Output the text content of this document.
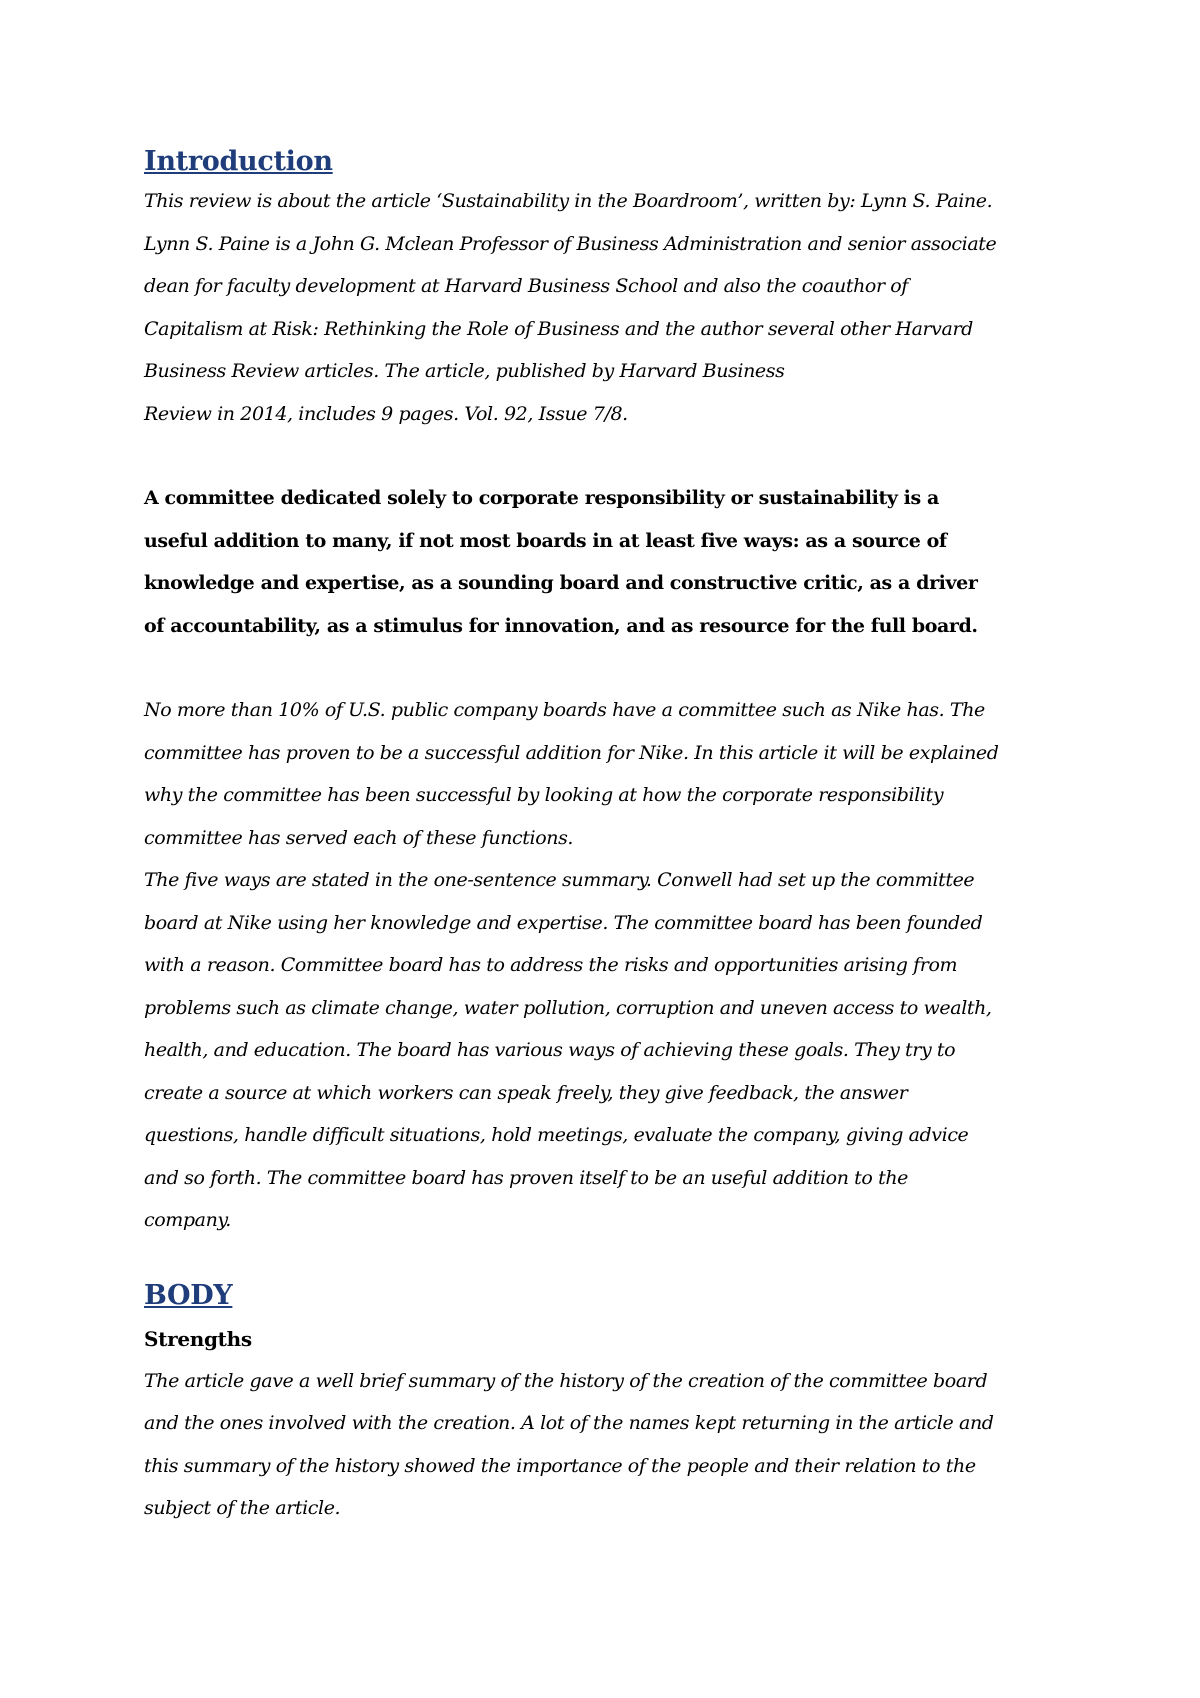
Introduction

This review is about the article ‘Sustainability in the Boardroom’, written by: Lynn S. Paine.
Lynn S. Paine is a John G. Mclean Professor of Business Administration and senior associate
dean for faculty development at Harvard Business School and also the coauthor of
Capitalism at Risk: Rethinking the Role of Business and the author several other Harvard
Business Review articles. The article, published by Harvard Business
Review in 2014, includes 9 pages. Vol. 92, Issue 7/8.

A committee dedicated solely to corporate responsibility or sustainability is a
useful addition to many, if not most boards in at least five ways: as a source of
knowledge and expertise, as a sounding board and constructive critic, as a driver
of accountability, as a stimulus for innovation, and as resource for the full board.

No more than 10% of U.S. public company boards have a committee such as Nike has. The
committee has proven to be a successful addition for Nike. In this article it will be explained
why the committee has been successful by looking at how the corporate responsibility
committee has served each of these functions.
The five ways are stated in the one-sentence summary. Conwell had set up the committee
board at Nike using her knowledge and expertise. The committee board has been founded
with a reason. Committee board has to address the risks and opportunities arising from
problems such as climate change, water pollution, corruption and uneven access to wealth,
health, and education. The board has various ways of achieving these goals. They try to
create a source at which workers can speak freely, they give feedback, the answer
questions, handle difficult situations, hold meetings, evaluate the company, giving advice
and so forth. The committee board has proven itself to be an useful addition to the
company.

BODY
Strengths

The article gave a well brief summary of the history of the creation of the committee board
and the ones involved with the creation. A lot of the names kept returning in the article and
this summary of the history showed the importance of the people and their relation to the
subject of the article.
